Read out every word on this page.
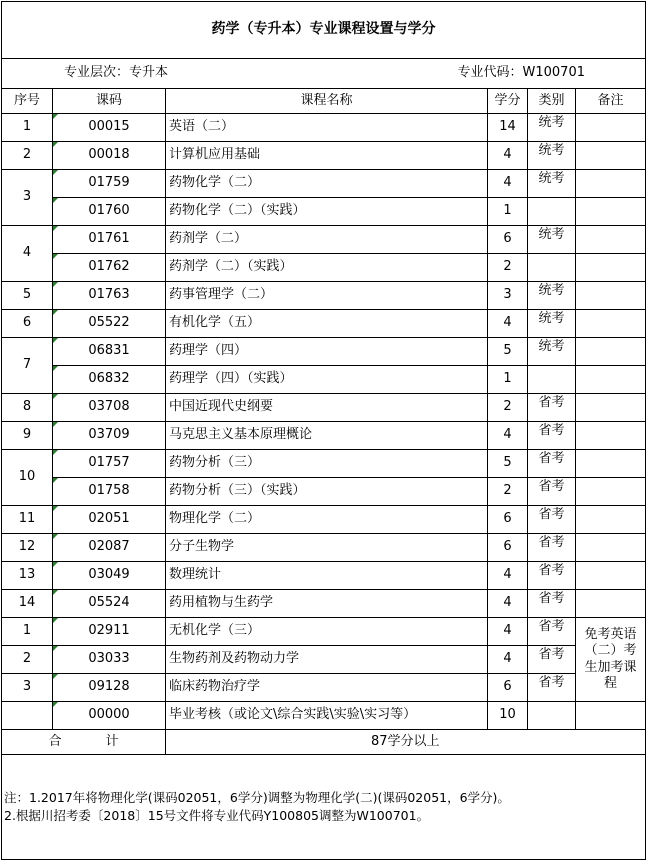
药学（专升本）专业课程设置与学分					
专业层次：专升本 专业代码：W100701					

序号	课码	课程名称	学分	类别	备注
1	00015	英语（二）	14	统考	
2	00018	计算机应用基础	4	统考	
3	01759	药物化学（二）	4	统考	
	01760	药物化学（二）（实践）	1		
4	01761	药剂学（二）	6	统考	
	01762	药剂学（二）（实践）	2		
5	01763	药事管理学（二）	3	统考	
6	05522	有机化学（五）	4	统考	
7	06831	药理学（四）	5	统考	
	06832	药理学（四）（实践）	1		
8	03708	中国近现代史纲要	2	省考	
9	03709	马克思主义基本原理概论	4	省考	
10	01757	药物分析（三）	5	省考	
	01758	药物分析（三）（实践）	2	省考	
11	02051	物理化学（二）	6	省考	
12	02087	分子生物学	6	省考	
13	03049	数理统计	4	省考	
14	05524	药用植物与生药学	4	省考	
1	02911	无机化学（三）	4	省考	免考英语（二）考生加考课程
2	03033	生物药剂及药物动力学	4	省考	
3	09128	临床药物治疗学	6	省考	
	00000	毕业考核（或论文\综合实践\实验\实习等）	10		

合 计		87学分以上			

注：1.2017年将物理化学(课码02051，6学分)调整为物理化学(二)(课码02051，6学分)。
2.根据川招考委〔2018〕15号文件将专业代码Y100805调整为W100701。					
